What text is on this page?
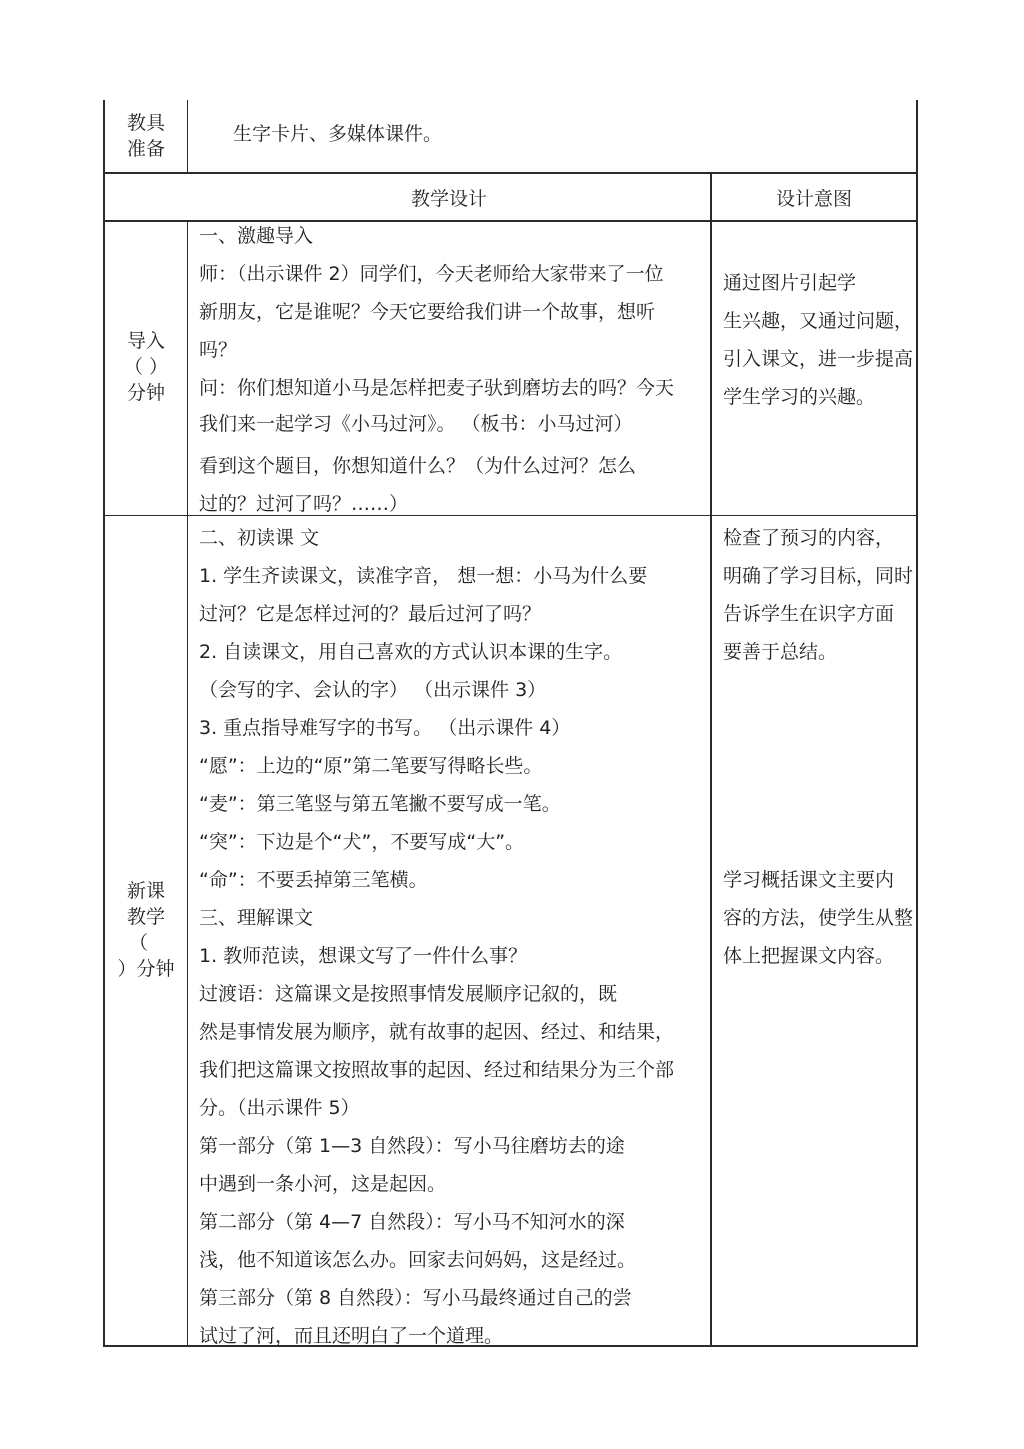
教具
准备
生字卡片、多媒体课件。
教学设计	设计意图
导入
（ ）
分钟
一、激趣导入
师：（出示课件 2）同学们，今天老师给大家带来了一位
新朋友，它是谁呢？今天它要给我们讲一个故事，想听
吗？
问：你们想知道小马是怎样把麦子驮到磨坊去的吗？今天
我们来一起学习《小马过河》。 （板书：小马过河）
看到这个题目，你想知道什么？（为什么过河？怎么
过的？过河了吗？……）
通过图片引起学
生兴趣，又通过问题，
引入课文，进一步提高
学生学习的兴趣。
新课
教学
（
）分钟
二、初读课 文
1. 学生齐读课文，读准字音， 想一想：小马为什么要
过河？它是怎样过河的？最后过河了吗？
2. 自读课文，用自己喜欢的方式认识本课的生字。
（会写的字、会认的字） （出示课件 3）
3. 重点指导难写字的书写。 （出示课件 4）
“愿”：上边的“原”第二笔要写得略长些。
“麦”：第三笔竖与第五笔撇不要写成一笔。
“突”：下边是个“犬”，不要写成“大”。
“命”：不要丢掉第三笔横。
三、理解课文
1. 教师范读，想课文写了一件什么事？
过渡语：这篇课文是按照事情发展顺序记叙的，既
然是事情发展为顺序，就有故事的起因、经过、和结果，
我们把这篇课文按照故事的起因、经过和结果分为三个部
分。（出示课件 5）
第一部分（第 1—3 自然段）：写小马往磨坊去的途
中遇到一条小河，这是起因。
第二部分（第 4—7 自然段）：写小马不知河水的深
浅，他不知道该怎么办。回家去问妈妈，这是经过。
第三部分（第 8 自然段）：写小马最终通过自己的尝
试过了河，而且还明白了一个道理。
检查了预习的内容，
明确了学习目标，同时
告诉学生在识字方面
要善于总结。
学习概括课文主要内
容的方法，使学生从整
体上把握课文内容。
